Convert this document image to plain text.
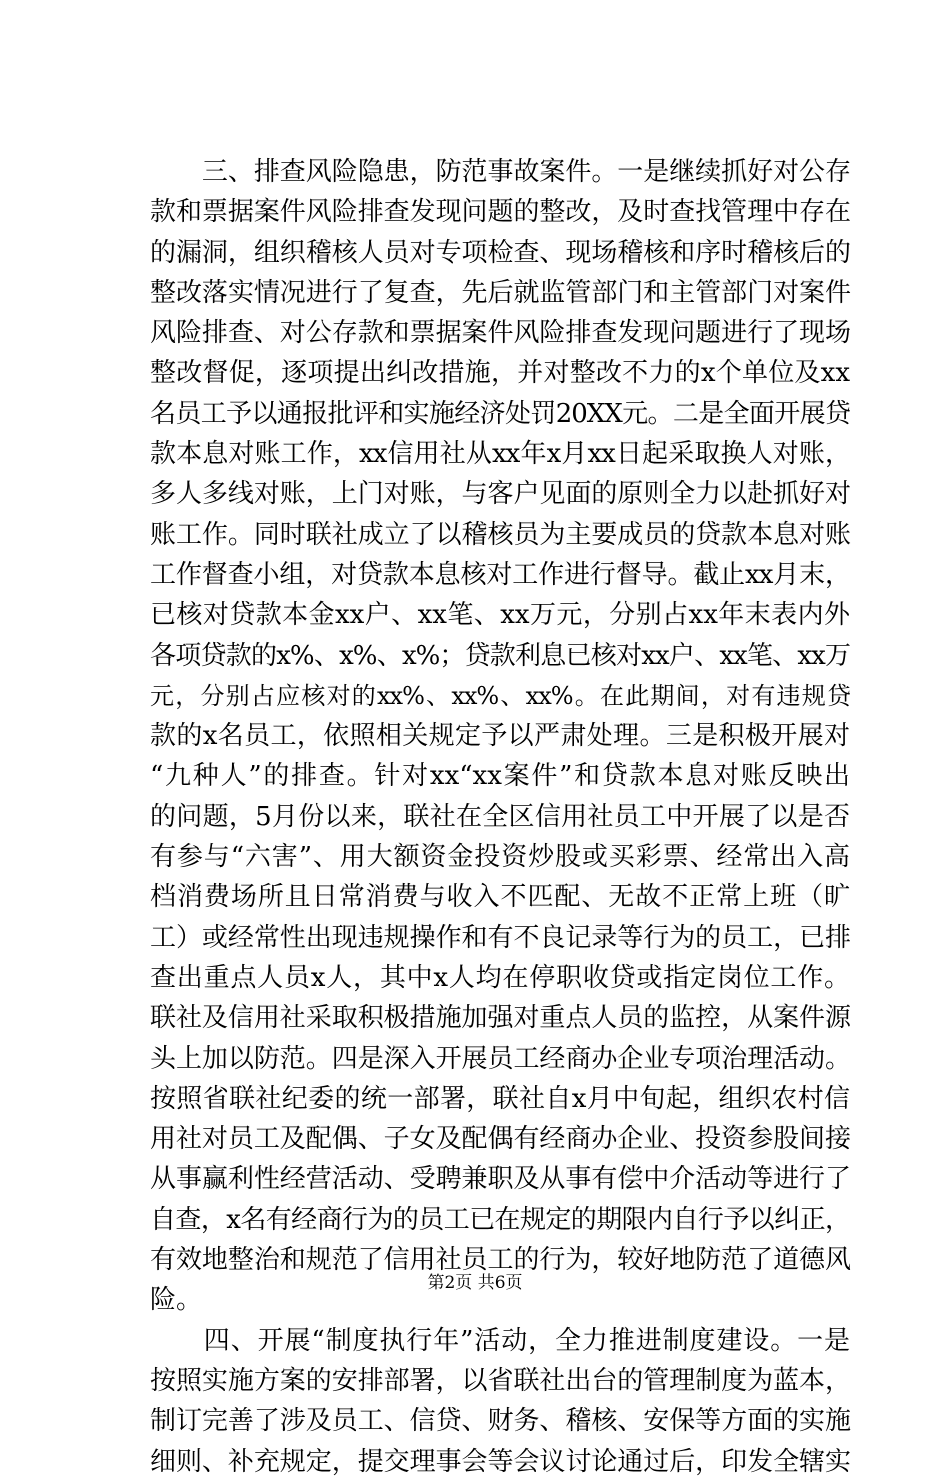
　　三、排查风险隐患，防范事故案件。一是继续抓好对公存
款和票据案件风险排查发现问题的整改，及时查找管理中存在
的漏洞，组织稽核人员对专项检查、现场稽核和序时稽核后的
整改落实情况进行了复查，先后就监管部门和主管部门对案件
风险排查、对公存款和票据案件风险排查发现问题进行了现场
整改督促，逐项提出纠改措施，并对整改不力的x个单位及xx
名员工予以通报批评和实施经济处罚20XX元。二是全面开展贷
款本息对账工作，xx信用社从xx年x月xx日起采取换人对账，
多人多线对账，上门对账，与客户见面的原则全力以赴抓好对
账工作。同时联社成立了以稽核员为主要成员的贷款本息对账
工作督查小组，对贷款本息核对工作进行督导。截止xx月末，
已核对贷款本金xx户、xx笔、xx万元，分别占xx年末表内外
各项贷款的x%、x%、x%；贷款利息已核对xx户、xx笔、xx万
元，分别占应核对的xx%、xx%、xx%。在此期间，对有违规贷
款的x名员工，依照相关规定予以严肃处理。三是积极开展对
“九种人”的排查。针对xx“xx案件”和贷款本息对账反映出
的问题，5月份以来，联社在全区信用社员工中开展了以是否
有参与“六害”、用大额资金投资炒股或买彩票、经常出入高
档消费场所且日常消费与收入不匹配、无故不正常上班（旷
工）或经常性出现违规操作和有不良记录等行为的员工，已排
查出重点人员x人，其中x人均在停职收贷或指定岗位工作。
联社及信用社采取积极措施加强对重点人员的监控，从案件源
头上加以防范。四是深入开展员工经商办企业专项治理活动。
按照省联社纪委的统一部署，联社自x月中旬起，组织农村信
用社对员工及配偶、子女及配偶有经商办企业、投资参股间接
从事赢利性经营活动、受聘兼职及从事有偿中介活动等进行了
自查，x名有经商行为的员工已在规定的期限内自行予以纠正，
有效地整治和规范了信用社员工的行为，较好地防范了道德风
险。
　　四、开展“制度执行年”活动，全力推进制度建设。一是
按照实施方案的安排部署，以省联社出台的管理制度为蓝本，
制订完善了涉及员工、信贷、财务、稽核、安保等方面的实施
细则、补充规定，提交理事会等会议讨论通过后，印发全辖实
第2页 共6页
